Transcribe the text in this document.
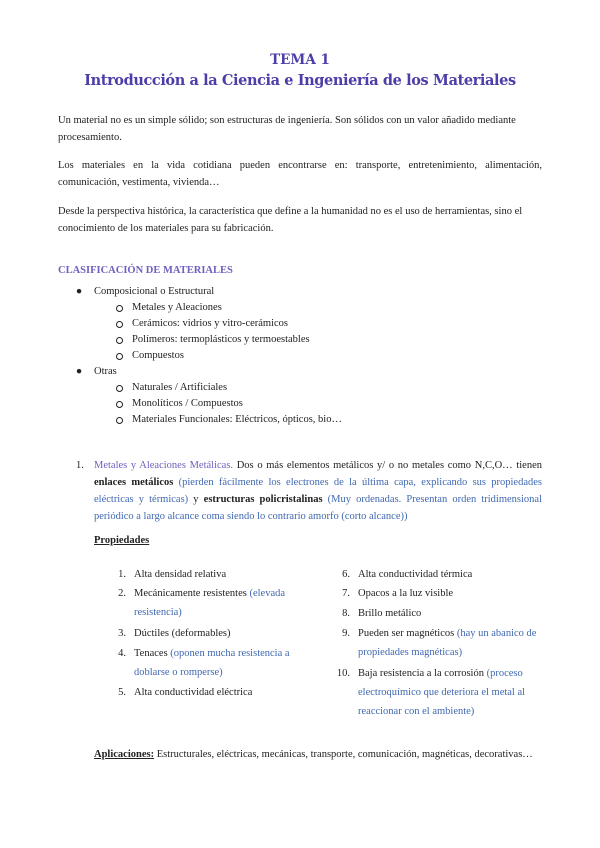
TEMA 1
Introducción a la Ciencia e Ingeniería de los Materiales
Un material no es un simple sólido; son estructuras de ingeniería. Son sólidos con un valor añadido mediante procesamiento.
Los materiales en la vida cotidiana pueden encontrarse en: transporte, entretenimiento, alimentación, comunicación, vestimenta, vivienda…
Desde la perspectiva histórica, la característica que define a la humanidad no es el uso de herramientas, sino el conocimiento de los materiales para su fabricación.
CLASIFICACIÓN DE MATERIALES
● Composicional o Estructural
Metales y Aleaciones
Cerámicos: vidrios y vitro-cerámicos
Polímeros: termoplásticos y termoestables
Compuestos
● Otras
Naturales / Artificiales
Monolíticos / Compuestos
Materiales Funcionales: Eléctricos, ópticos, bio…
1. Metales y Aleaciones Metálicas. Dos o más elementos metálicos y/ o no metales como N,C,O… tienen enlaces metálicos (pierden fácilmente los electrones de la última capa, explicando sus propiedades eléctricas y térmicas) y estructuras policristalinas (Muy ordenadas. Presentan orden tridimensional periódico a largo alcance coma siendo lo contrario amorfo (corto alcance))
Propiedades
1. Alta densidad relativa
2. Mecánicamente resistentes (elevada resistencia)
3. Dúctiles (deformables)
4. Tenaces (oponen mucha resistencia a doblarse o romperse)
5. Alta conductividad eléctrica
6. Alta conductividad térmica
7. Opacos a la luz visible
8. Brillo metálico
9. Pueden ser magnéticos (hay un abanico de propiedades magnéticas)
10. Baja resistencia a la corrosión (proceso electroquímico que deteriora el metal al reaccionar con el ambiente)
Aplicaciones: Estructurales, eléctricas, mecánicas, transporte, comunicación, magnéticas, decorativas…
